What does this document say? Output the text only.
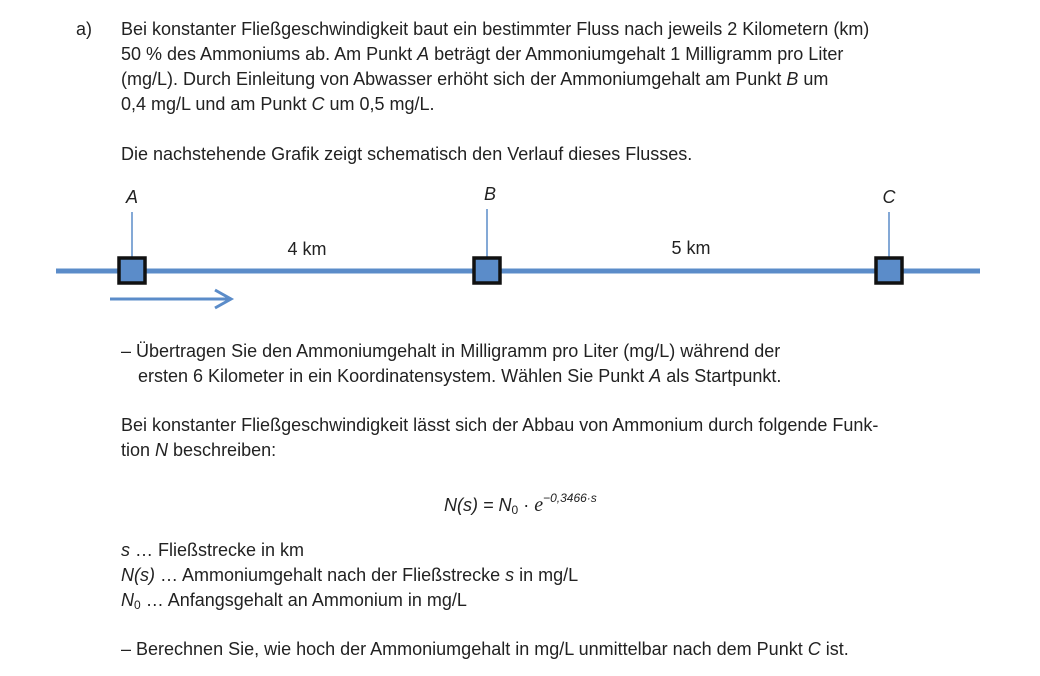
a) Bei konstanter Fließgeschwindigkeit baut ein bestimmter Fluss nach jeweils 2 Kilometern (km)
50 % des Ammoniums ab. Am Punkt A beträgt der Ammoniumgehalt 1 Milligramm pro Liter
(mg/L). Durch Einleitung von Abwasser erhöht sich der Ammoniumgehalt am Punkt B um
0,4 mg/L und am Punkt C um 0,5 mg/L.
Die nachstehende Grafik zeigt schematisch den Verlauf dieses Flusses.
A	B	C
4 km	5 km
– Übertragen Sie den Ammoniumgehalt in Milligramm pro Liter (mg/L) während der
ersten 6 Kilometer in ein Koordinatensystem. Wählen Sie Punkt A als Startpunkt.
Bei konstanter Fließgeschwindigkeit lässt sich der Abbau von Ammonium durch folgende Funk-
tion N beschreiben:
$N(s) = N_0 \cdot e^{-0,3466\cdot s}$
s … Fließstrecke in km
N(s) … Ammoniumgehalt nach der Fließstrecke s in mg/L
$N_0$ … Anfangsgehalt an Ammonium in mg/L
– Berechnen Sie, wie hoch der Ammoniumgehalt in mg/L unmittelbar nach dem Punkt C ist.
